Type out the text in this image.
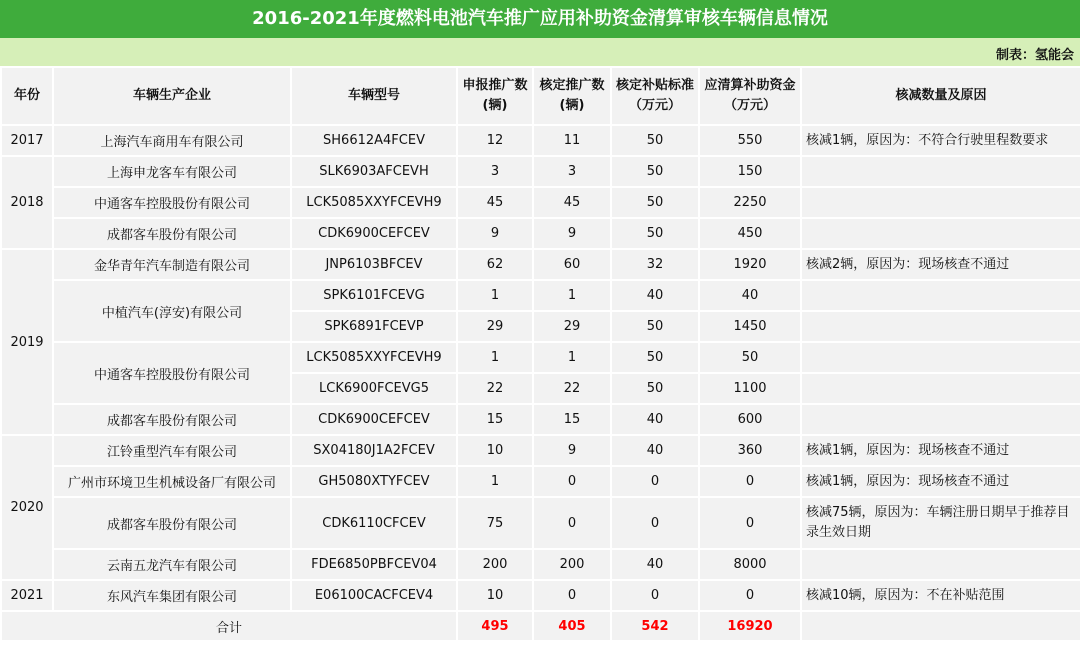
2016-2021年度燃料电池汽车推广应用补助资金清算审核车辆信息情况
制表：氢能会
年份	车辆生产企业	车辆型号	申报推广数(辆)	核定推广数(辆)	核定补贴标准（万元）	应清算补助资金（万元）	核减数量及原因
2017	上海汽车商用车有限公司	SH6612A4FCEV	12	11	50	550	核减1辆，原因为：不符合行驶里程数要求
2018	上海申龙客车有限公司	SLK6903AFCEVH	3	3	50	150	
	中通客车控股股份有限公司	LCK5085XXYFCEVH9	45	45	50	2250	
	成都客车股份有限公司	CDK6900CEFCEV	9	9	50	450	
2019	金华青年汽车制造有限公司	JNP6103BFCEV	62	60	32	1920	核减2辆，原因为：现场核查不通过
	中植汽车(淳安)有限公司	SPK6101FCEVG	1	1	40	40	
		SPK6891FCEVP	29	29	50	1450	
	中通客车控股股份有限公司	LCK5085XXYFCEVH9	1	1	50	50	
		LCK6900FCEVG5	22	22	50	1100	
	成都客车股份有限公司	CDK6900CEFCEV	15	15	40	600	
2020	江铃重型汽车有限公司	SX04180J1A2FCEV	10	9	40	360	核减1辆，原因为：现场核查不通过
	广州市环境卫生机械设备厂有限公司	GH5080XTYFCEV	1	0	0	0	核减1辆，原因为：现场核查不通过
	成都客车股份有限公司	CDK6110CFCEV	75	0	0	0	核减75辆，原因为：车辆注册日期早于推荐目录生效日期
	云南五龙汽车有限公司	FDE6850PBFCEV04	200	200	40	8000	
2021	东风汽车集团有限公司	E06100CACFCEV4	10	0	0	0	核减10辆，原因为：不在补贴范围
合计			495	405	542	16920	
